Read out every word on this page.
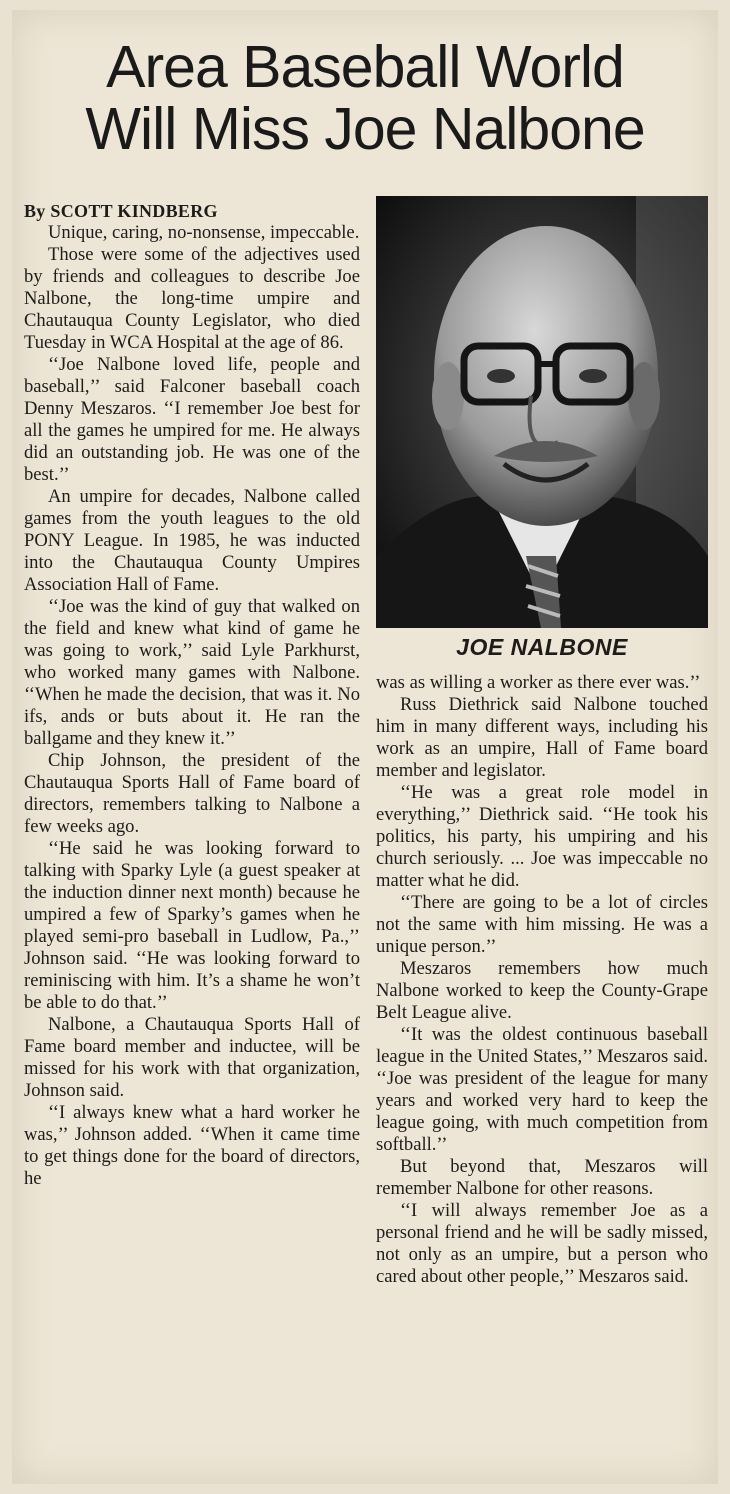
Area Baseball World
Will Miss Joe Nalbone

By SCOTT KINDBERG

Unique, caring, no-nonsense, impeccable.

Those were some of the adjectives used by friends and colleagues to describe Joe Nalbone, the long-time umpire and Chautauqua County Legislator, who died Tuesday in WCA Hospital at the age of 86.

‘‘Joe Nalbone loved life, people and baseball,’’ said Falconer baseball coach Denny Meszaros. ‘‘I remember Joe best for all the games he umpired for me. He always did an outstanding job. He was one of the best.’’

An umpire for decades, Nalbone called games from the youth leagues to the old PONY League. In 1985, he was inducted into the Chautauqua County Umpires Association Hall of Fame.

‘‘Joe was the kind of guy that walked on the field and knew what kind of game he was going to work,’’ said Lyle Parkhurst, who worked many games with Nalbone. ‘‘When he made the decision, that was it. No ifs, ands or buts about it. He ran the ballgame and they knew it.’’

Chip Johnson, the president of the Chautauqua Sports Hall of Fame board of directors, remembers talking to Nalbone a few weeks ago.

‘‘He said he was looking forward to talking with Sparky Lyle (a guest speaker at the induction dinner next month) because he umpired a few of Sparky’s games when he played semi-pro baseball in Ludlow, Pa.,’’ Johnson said. ‘‘He was looking forward to reminiscing with him. It’s a shame he won’t be able to do that.’’

Nalbone, a Chautauqua Sports Hall of Fame board member and inductee, will be missed for his work with that organization, Johnson said.

‘‘I always knew what a hard worker he was,’’ Johnson added. ‘‘When it came time to get things done for the board of directors, he

JOE NALBONE

was as willing a worker as there ever was.’’

Russ Diethrick said Nalbone touched him in many different ways, including his work as an umpire, Hall of Fame board member and legislator.

‘‘He was a great role model in everything,’’ Diethrick said. ‘‘He took his politics, his party, his umpiring and his church seriously. ... Joe was impeccable no matter what he did.

‘‘There are going to be a lot of circles not the same with him missing. He was a unique person.’’

Meszaros remembers how much Nalbone worked to keep the County-Grape Belt League alive.

‘‘It was the oldest continuous baseball league in the United States,’’ Meszaros said. ‘‘Joe was president of the league for many years and worked very hard to keep the league going, with much competition from softball.’’

But beyond that, Meszaros will remember Nalbone for other reasons.

‘‘I will always remember Joe as a personal friend and he will be sadly missed, not only as an umpire, but a person who cared about other people,’’ Meszaros said.
